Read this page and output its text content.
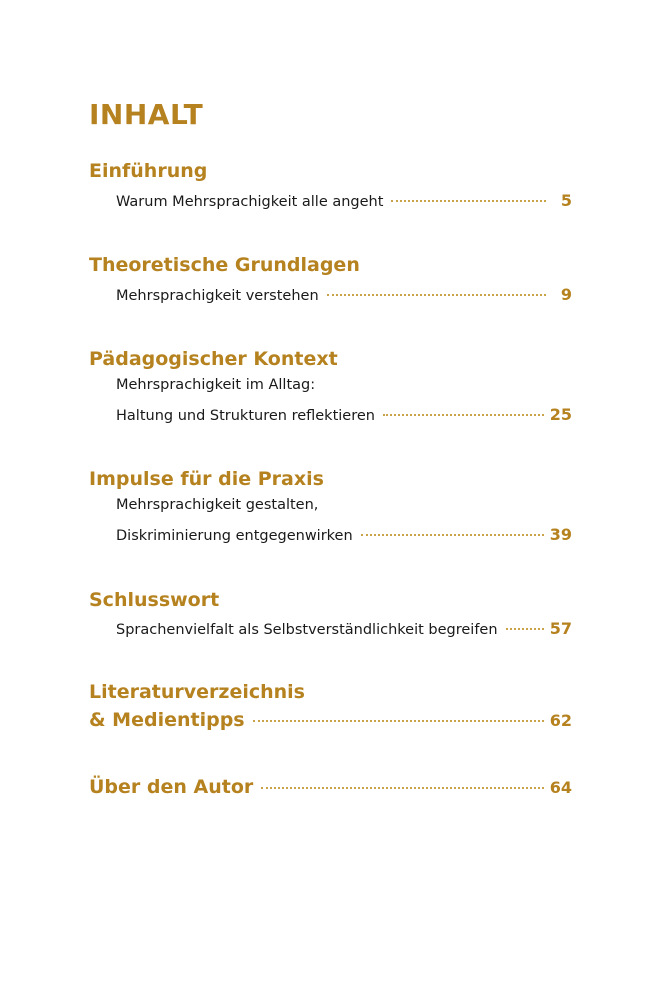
INHALT
Einführung
Warum Mehrsprachigkeit alle angeht	5
Theoretische Grundlagen
Mehrsprachigkeit verstehen	9
Pädagogischer Kontext
Mehrsprachigkeit im Alltag:
Haltung und Strukturen reflektieren	25
Impulse für die Praxis
Mehrsprachigkeit gestalten,
Diskriminierung entgegenwirken	39
Schlusswort
Sprachenvielfalt als Selbstverständlichkeit begreifen	57
Literaturverzeichnis
& Medientipps	62
Über den Autor	64
